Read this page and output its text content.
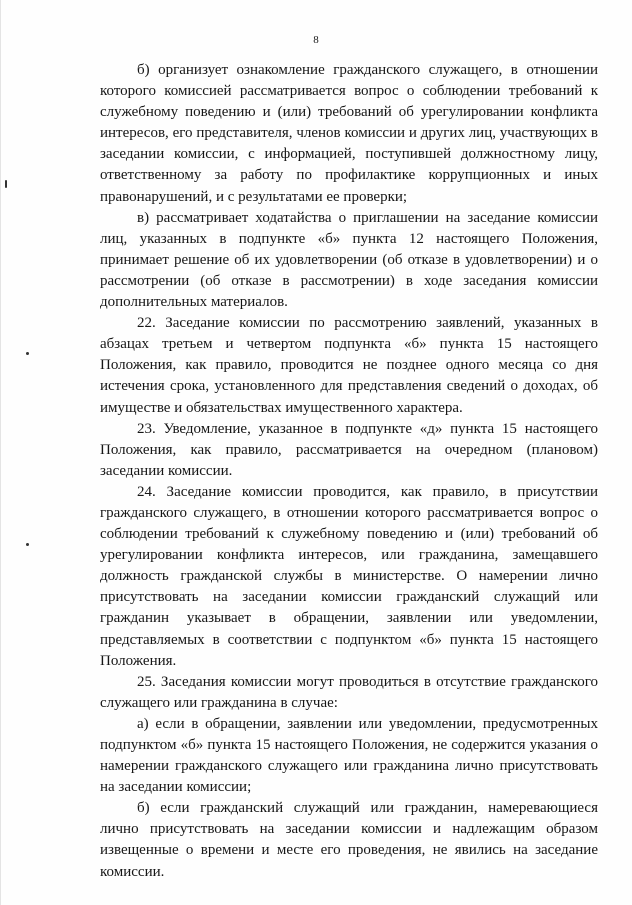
8

б) организует ознакомление гражданского служащего, в отношении которого комиссией рассматривается вопрос о соблюдении требований к служебному поведению и (или) требований об урегулировании конфликта интересов, его представителя, членов комиссии и других лиц, участвующих в заседании комиссии, с информацией, поступившей должностному лицу, ответственному за работу по профилактике коррупционных и иных правонарушений, и с результатами ее проверки;

в) рассматривает ходатайства о приглашении на заседание комиссии лиц, указанных в подпункте «б» пункта 12 настоящего Положения, принимает решение об их удовлетворении (об отказе в удовлетворении) и о рассмотрении (об отказе в рассмотрении) в ходе заседания комиссии дополнительных материалов.

22. Заседание комиссии по рассмотрению заявлений, указанных в абзацах третьем и четвертом подпункта «б» пункта 15 настоящего Положения, как правило, проводится не позднее одного месяца со дня истечения срока, установленного для представления сведений о доходах, об имуществе и обязательствах имущественного характера.

23. Уведомление, указанное в подпункте «д» пункта 15 настоящего Положения, как правило, рассматривается на очередном (плановом) заседании комиссии.

24. Заседание комиссии проводится, как правило, в присутствии гражданского служащего, в отношении которого рассматривается вопрос о соблюдении требований к служебному поведению и (или) требований об урегулировании конфликта интересов, или гражданина, замещавшего должность гражданской службы в министерстве. О намерении лично присутствовать на заседании комиссии гражданский служащий или гражданин указывает в обращении, заявлении или уведомлении, представляемых в соответствии с подпунктом «б» пункта 15 настоящего Положения.

25. Заседания комиссии могут проводиться в отсутствие гражданского служащего или гражданина в случае:

а) если в обращении, заявлении или уведомлении, предусмотренных подпунктом «б» пункта 15 настоящего Положения, не содержится указания о намерении гражданского служащего или гражданина лично присутствовать на заседании комиссии;

б) если гражданский служащий или гражданин, намеревающиеся лично присутствовать на заседании комиссии и надлежащим образом извещенные о времени и месте его проведения, не явились на заседание комиссии.
